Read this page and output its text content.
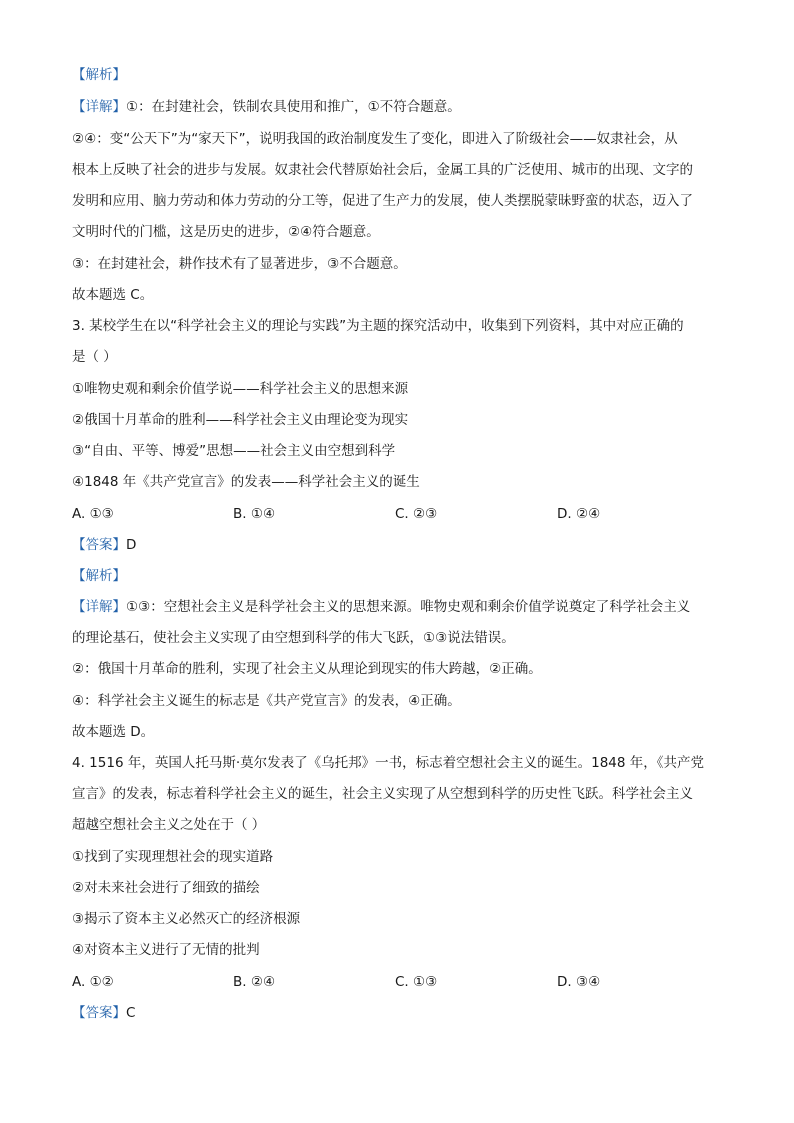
【解析】
【详解】①：在封建社会，铁制农具使用和推广，①不符合题意。
②④：变“公天下”为“家天下”，说明我国的政治制度发生了变化，即进入了阶级社会——奴隶社会，从
根本上反映了社会的进步与发展。奴隶社会代替原始社会后，金属工具的广泛使用、城市的出现、文字的
发明和应用、脑力劳动和体力劳动的分工等，促进了生产力的发展，使人类摆脱蒙昧野蛮的状态，迈入了
文明时代的门槛，这是历史的进步，②④符合题意。
③：在封建社会，耕作技术有了显著进步，③不合题意。
故本题选 C。
3. 某校学生在以“科学社会主义的理论与实践”为主题的探究活动中，收集到下列资料，其中对应正确的
是（ ）
①唯物史观和剩余价值学说——科学社会主义的思想来源
②俄国十月革命的胜利——科学社会主义由理论变为现实
③“自由、平等、博爱”思想——社会主义由空想到科学
④1848 年《共产党宣言》的发表——科学社会主义的诞生
A. ①③	B. ①④	C. ②③	D. ②④
【答案】D
【解析】
【详解】①③：空想社会主义是科学社会主义的思想来源。唯物史观和剩余价值学说奠定了科学社会主义
的理论基石，使社会主义实现了由空想到科学的伟大飞跃，①③说法错误。
②：俄国十月革命的胜利，实现了社会主义从理论到现实的伟大跨越，②正确。
④：科学社会主义诞生的标志是《共产党宣言》的发表，④正确。
故本题选 D。
4. 1516 年，英国人托马斯·莫尔发表了《乌托邦》一书，标志着空想社会主义的诞生。1848 年，《共产党
宣言》的发表，标志着科学社会主义的诞生，社会主义实现了从空想到科学的历史性飞跃。科学社会主义
超越空想社会主义之处在于（ ）
①找到了实现理想社会的现实道路
②对未来社会进行了细致的描绘
③揭示了资本主义必然灭亡的经济根源
④对资本主义进行了无情的批判
A. ①②	B. ②④	C. ①③	D. ③④
【答案】C
